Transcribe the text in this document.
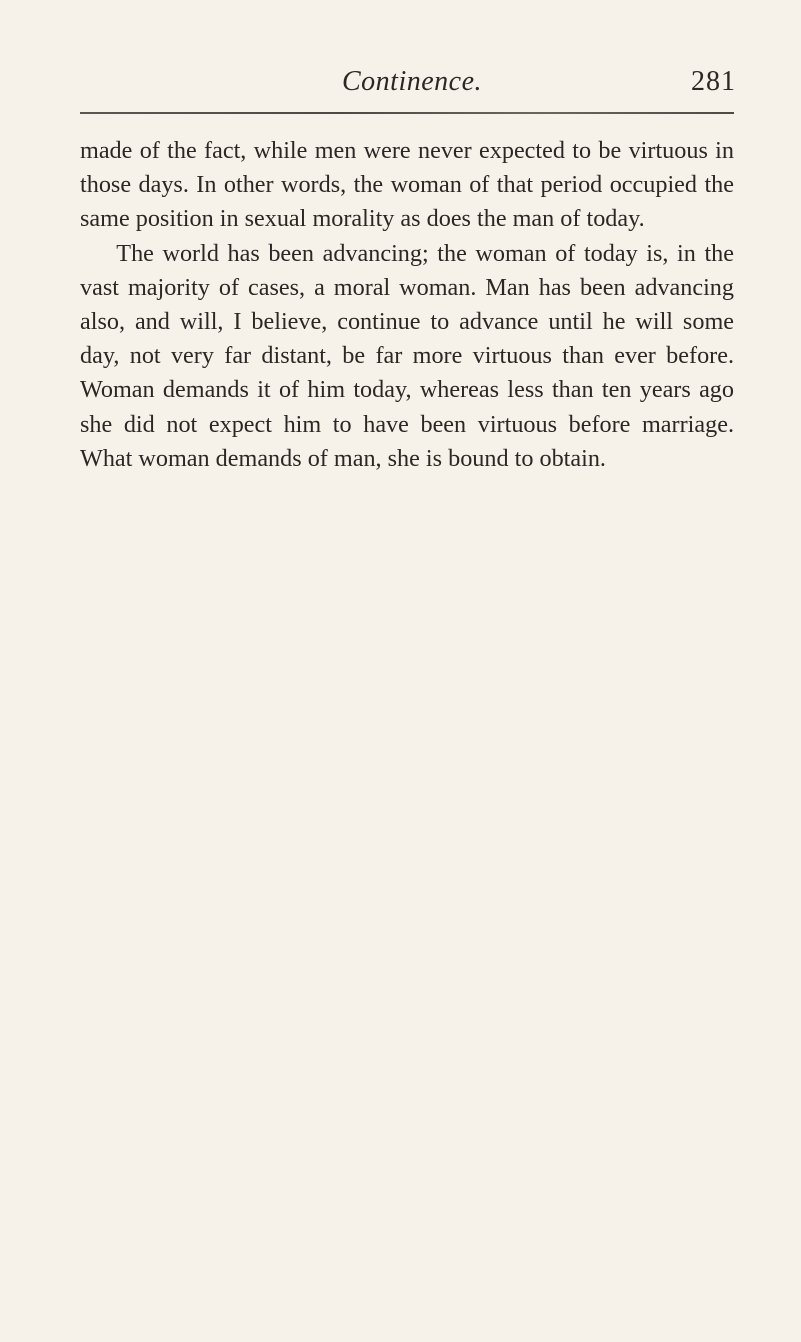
Continence.	281

made of the fact, while men were never expected to be virtuous in those days. In other words, the woman of that period occupied the same position in sexual morality as does the man of today.

The world has been advancing; the woman of today is, in the vast majority of cases, a moral woman. Man has been advancing also, and will, I believe, continue to advance until he will some day, not very far distant, be far more virtuous than ever before. Woman demands it of him today, whereas less than ten years ago she did not expect him to have been virtuous before marriage. What woman demands of man, she is bound to obtain.
